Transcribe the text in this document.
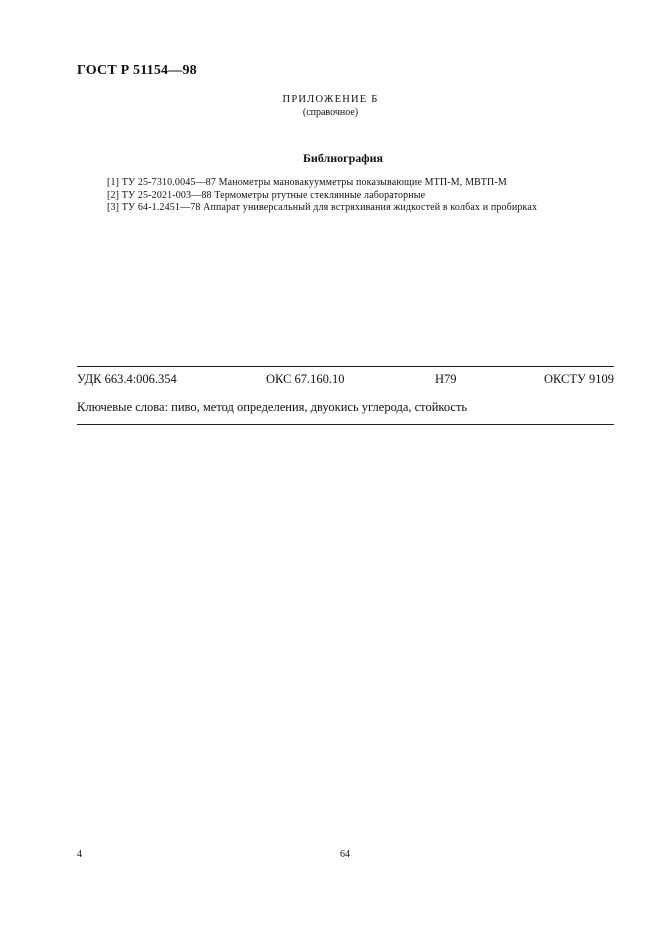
ГОСТ Р 51154—98
ПРИЛОЖЕНИЕ Б
(справочное)
Библиография
[1] ТУ 25-7310.0045—87 Манометры мановакуумметры показывающие МТП-М, МВТП-М
[2] ТУ 25-2021-003—88 Термометры ртутные стеклянные лабораторные
[3] ТУ 64-1.2451—78 Аппарат универсальный для встряхивания жидкостей в колбах и пробирках
УДК 663.4:006.354	ОКС 67.160.10	Н79	ОКСТУ 9109
Ключевые слова: пиво, метод определения, двуокись углерода, стойкость
4	64
